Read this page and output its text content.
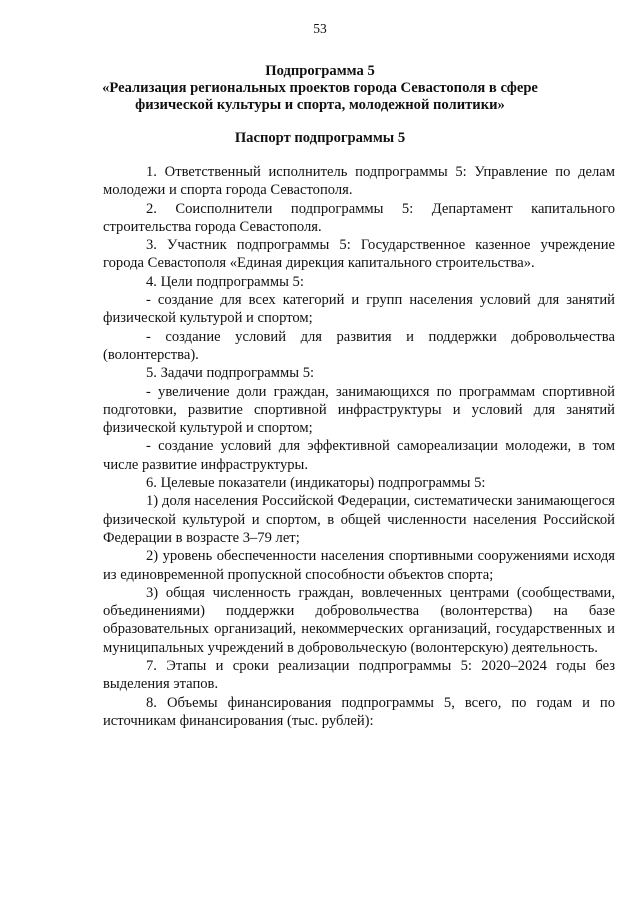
53
Подпрограмма 5
«Реализация региональных проектов города Севастополя в сфере
физической культуры и спорта, молодежной политики»
Паспорт подпрограммы 5

1. Ответственный исполнитель подпрограммы 5: Управление по делам молодежи и спорта города Севастополя.

2. Соисполнители подпрограммы 5: Департамент капитального строительства города Севастополя.

3. Участник подпрограммы 5: Государственное казенное учреждение города Севастополя «Единая дирекция капитального строительства».

4. Цели подпрограммы 5:

- создание для всех категорий и групп населения условий для занятий физической культурой и спортом;

- создание условий для развития и поддержки добровольчества (волонтерства).

5. Задачи подпрограммы 5:

- увеличение доли граждан, занимающихся по программам спортивной подготовки, развитие спортивной инфраструктуры и условий для занятий физической культурой и спортом;

- создание условий для эффективной самореализации молодежи, в том числе развитие инфраструктуры.

6. Целевые показатели (индикаторы) подпрограммы 5:

1) доля населения Российской Федерации, систематически занимающегося физической культурой и спортом, в общей численности населения Российской Федерации в возрасте 3–79 лет;

2) уровень обеспеченности населения спортивными сооружениями исходя из единовременной пропускной способности объектов спорта;

3) общая численность граждан, вовлеченных центрами (сообществами, объединениями) поддержки добровольчества (волонтерства) на базе образовательных организаций, некоммерческих организаций, государственных и муниципальных учреждений в добровольческую (волонтерскую) деятельность.

7. Этапы и сроки реализации подпрограммы 5: 2020–2024 годы без выделения этапов.

8. Объемы финансирования подпрограммы 5, всего, по годам и по источникам финансирования (тыс. рублей):
